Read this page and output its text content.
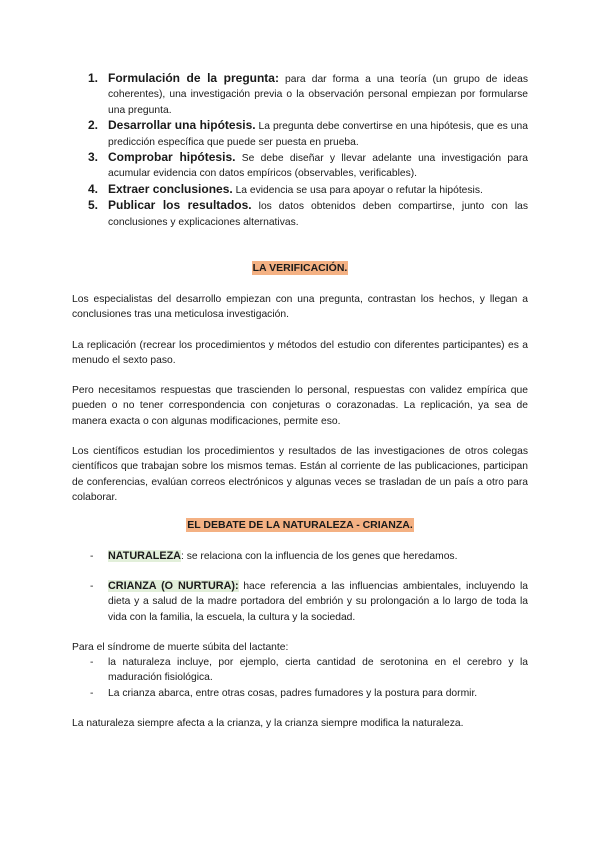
1. Formulación de la pregunta: para dar forma a una teoría (un grupo de ideas coherentes), una investigación previa o la observación personal empiezan por formularse una pregunta.
2. Desarrollar una hipótesis. La pregunta debe convertirse en una hipótesis, que es una predicción específica que puede ser puesta en prueba.
3. Comprobar hipótesis. Se debe diseñar y llevar adelante una investigación para acumular evidencia con datos empíricos (observables, verificables).
4. Extraer conclusiones. La evidencia se usa para apoyar o refutar la hipótesis.
5. Publicar los resultados. los datos obtenidos deben compartirse, junto con las conclusiones y explicaciones alternativas.
LA VERIFICACIÓN.

Los especialistas del desarrollo empiezan con una pregunta, contrastan los hechos, y llegan a conclusiones tras una meticulosa investigación.

La replicación (recrear los procedimientos y métodos del estudio con diferentes participantes) es a menudo el sexto paso.

Pero necesitamos respuestas que trascienden lo personal, respuestas con validez empírica que pueden o no tener correspondencia con conjeturas o corazonadas. La replicación, ya sea de manera exacta o con algunas modificaciones, permite eso.

Los científicos estudian los procedimientos y resultados de las investigaciones de otros colegas científicos que trabajan sobre los mismos temas. Están al corriente de las publicaciones, participan de conferencias, evalúan correos electrónicos y algunas veces se trasladan de un país a otro para colaborar.

EL DEBATE DE LA NATURALEZA - CRIANZA.
- NATURALEZA: se relaciona con la influencia de los genes que heredamos.
- CRIANZA (O NURTURA): hace referencia a las influencias ambientales, incluyendo la dieta y a salud de la madre portadora del embrión y su prolongación a lo largo de toda la vida con la familia, la escuela, la cultura y la sociedad.

Para el síndrome de muerte súbita del lactante:

- la naturaleza incluye, por ejemplo, cierta cantidad de serotonina en el cerebro y la maduración fisiológica.
- La crianza abarca, entre otras cosas, padres fumadores y la postura para dormir.

La naturaleza siempre afecta a la crianza, y la crianza siempre modifica la naturaleza.
